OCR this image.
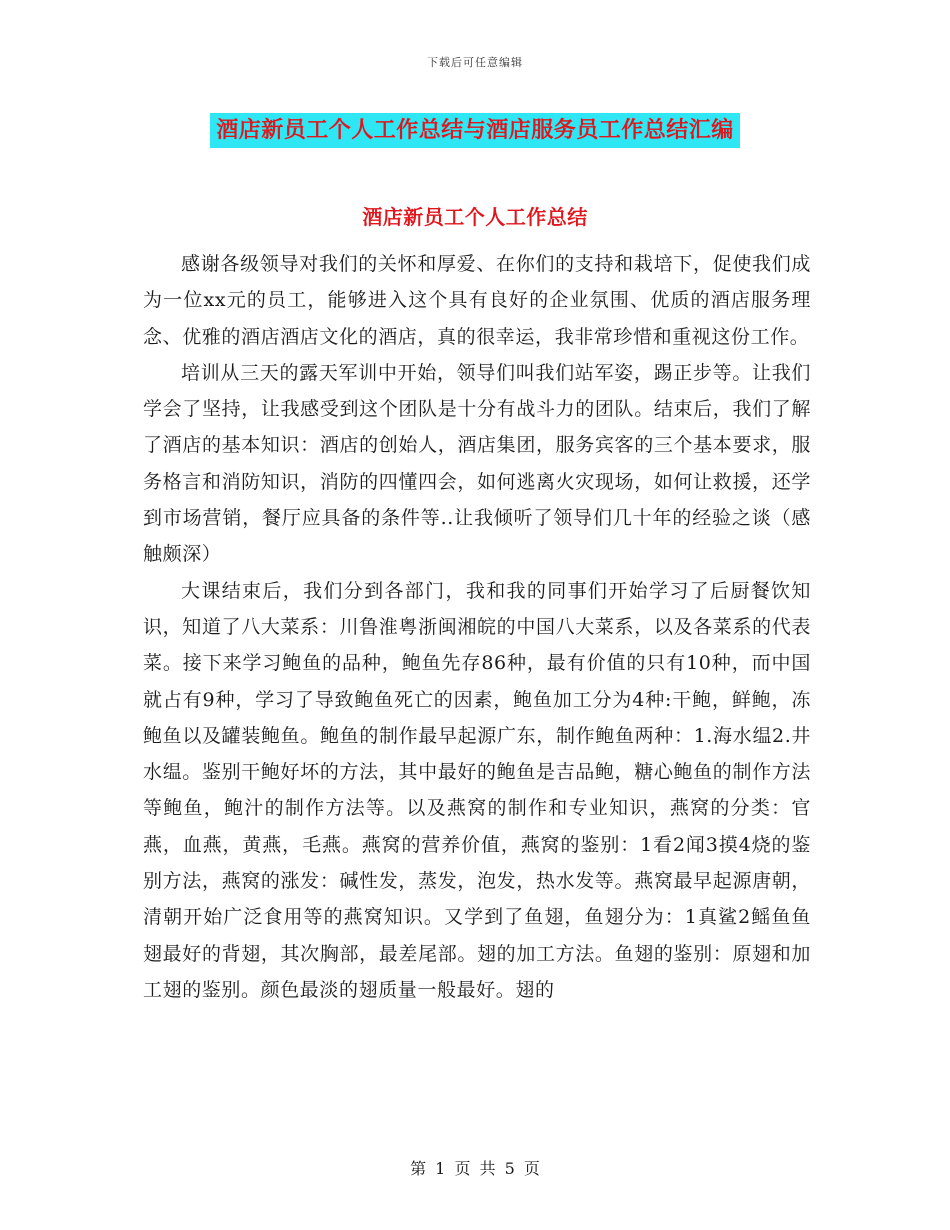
下载后可任意编辑
酒店新员工个人工作总结与酒店服务员工作总结汇编
酒店新员工个人工作总结

感谢各级领导对我们的关怀和厚爱、在你们的支持和栽培下，促使我们成为一位xx元的员工，能够进入这个具有良好的企业氛围、优质的酒店服务理念、优雅的酒店酒店文化的酒店，真的很幸运，我非常珍惜和重视这份工作。

培训从三天的露天军训中开始，领导们叫我们站军姿，踢正步等。让我们学会了坚持，让我感受到这个团队是十分有战斗力的团队。结束后，我们了解了酒店的基本知识：酒店的创始人，酒店集团，服务宾客的三个基本要求，服务格言和消防知识，消防的四懂四会，如何逃离火灾现场，如何让救援，还学到市场营销，餐厅应具备的条件等..让我倾听了领导们几十年的经验之谈（感触颇深）

大课结束后，我们分到各部门，我和我的同事们开始学习了后厨餐饮知识，知道了八大菜系：川鲁淮粤浙闽湘皖的中国八大菜系，以及各菜系的代表菜。接下来学习鲍鱼的品种，鲍鱼先存86种，最有价值的只有10种，而中国就占有9种，学习了导致鲍鱼死亡的因素，鲍鱼加工分为4种:干鲍，鲜鲍，冻鲍鱼以及罐装鲍鱼。鲍鱼的制作最早起源广东，制作鲍鱼两种：1.海水缊2.井水缊。鉴别干鲍好坏的方法，其中最好的鲍鱼是吉品鲍，糖心鲍鱼的制作方法等鲍鱼，鲍汁的制作方法等。以及燕窝的制作和专业知识，燕窝的分类：官燕，血燕，黄燕，毛燕。燕窝的营养价值，燕窝的鉴别：1看2闻3摸4烧的鉴别方法，燕窝的涨发：碱性发，蒸发，泡发，热水发等。燕窝最早起源唐朝，清朝开始广泛食用等的燕窝知识。又学到了鱼翅，鱼翅分为：1真鲨2鳐鱼鱼翅最好的背翅，其次胸部，最差尾部。翅的加工方法。鱼翅的鉴别：原翅和加工翅的鉴别。颜色最淡的翅质量一般最好。翅的

第 1 页 共 5 页
